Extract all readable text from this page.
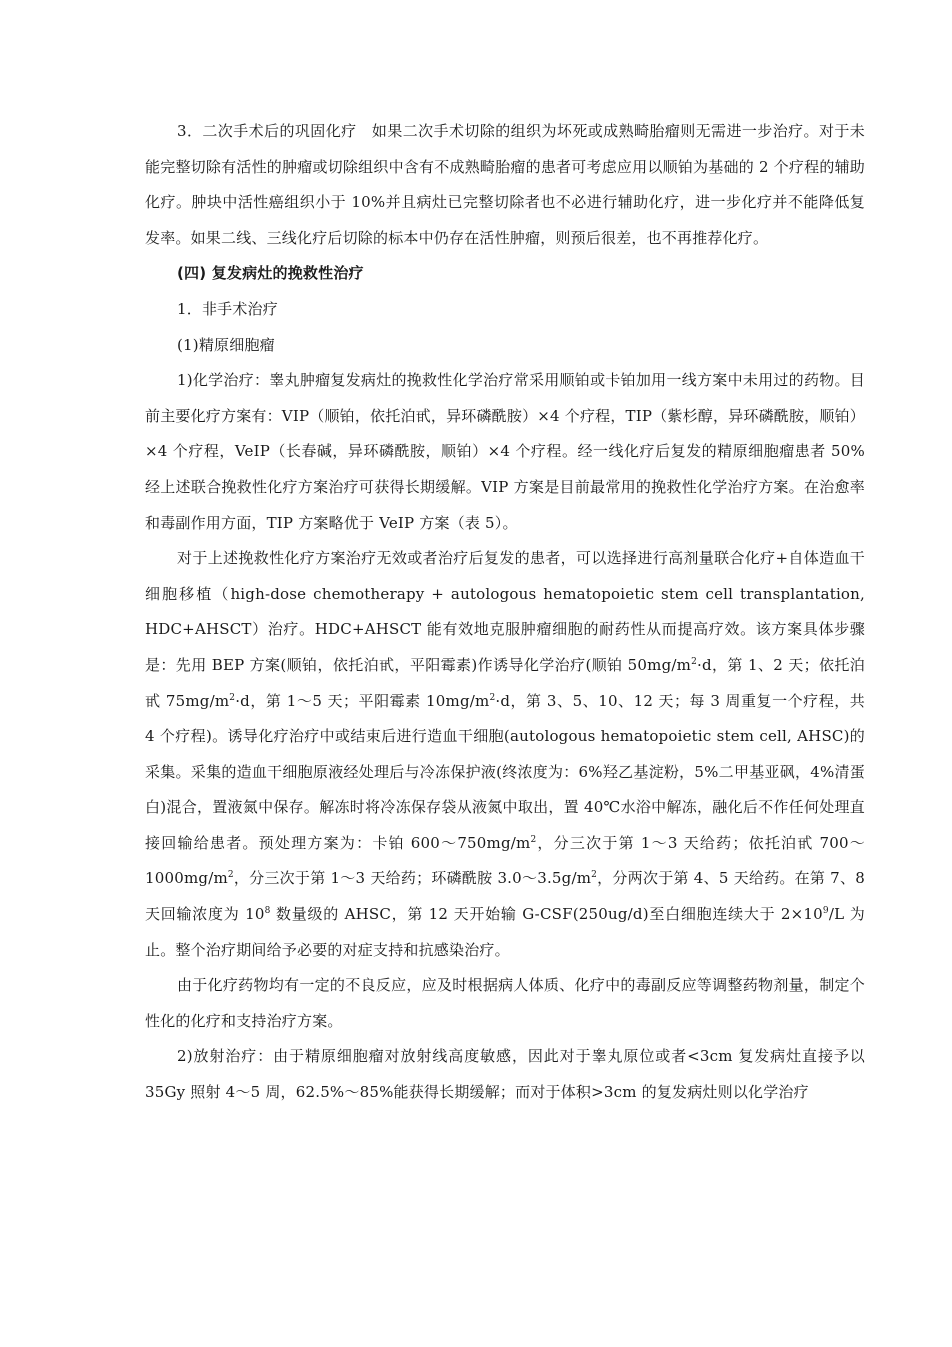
3．二次手术后的巩固化疗　如果二次手术切除的组织为坏死或成熟畸胎瘤则无需进一步治疗。对于未能完整切除有活性的肿瘤或切除组织中含有不成熟畸胎瘤的患者可考虑应用以顺铂为基础的 2 个疗程的辅助化疗。肿块中活性癌组织小于 10%并且病灶已完整切除者也不必进行辅助化疗，进一步化疗并不能降低复发率。如果二线、三线化疗后切除的标本中仍存在活性肿瘤，则预后很差，也不再推荐化疗。

(四) 复发病灶的挽救性治疗

1．非手术治疗

(1)精原细胞瘤

1)化学治疗：睾丸肿瘤复发病灶的挽救性化学治疗常采用顺铂或卡铂加用一线方案中未用过的药物。目前主要化疗方案有：VIP（顺铂，依托泊甙，异环磷酰胺）×4 个疗程，TIP（紫杉醇，异环磷酰胺，顺铂）×4 个疗程，VeIP（长春碱，异环磷酰胺，顺铂）×4 个疗程。经一线化疗后复发的精原细胞瘤患者 50%经上述联合挽救性化疗方案治疗可获得长期缓解。VIP 方案是目前最常用的挽救性化学治疗方案。在治愈率和毒副作用方面，TIP 方案略优于 VeIP 方案（表 5）。

对于上述挽救性化疗方案治疗无效或者治疗后复发的患者，可以选择进行高剂量联合化疗+自体造血干细胞移植（high-dose chemotherapy + autologous hematopoietic stem cell transplantation, HDC+AHSCT）治疗。HDC+AHSCT 能有效地克服肿瘤细胞的耐药性从而提高疗效。该方案具体步骤是：先用 BEP 方案(顺铂，依托泊甙，平阳霉素)作诱导化学治疗(顺铂 $50mg/m^2\cdot d$，第 1、2 天；依托泊甙 $75mg/m^2\cdot d$，第 1～5 天；平阳霉素 $10mg/m^2\cdot d$，第 3、5、10、12 天；每 3 周重复一个疗程，共 4 个疗程)。诱导化疗治疗中或结束后进行造血干细胞(autologous hematopoietic stem cell, AHSC)的采集。采集的造血干细胞原液经处理后与冷冻保护液(终浓度为：6%羟乙基淀粉，5%二甲基亚砜，4%清蛋白)混合，置液氮中保存。解冻时将冷冻保存袋从液氮中取出，置 40℃水浴中解冻，融化后不作任何处理直接回输给患者。预处理方案为：卡铂 $600\sim 750mg/m^2$，分三次于第 1～3 天给药；依托泊甙 $700\sim 1000mg/m^2$，分三次于第 1～3 天给药；环磷酰胺 $3.0\sim 3.5g/m^2$，分两次于第 4、5 天给药。在第 7、8 天回输浓度为 $10^8$ 数量级的 AHSC，第 12 天开始输 G-CSF(250ug/d)至白细胞连续大于 $2\times 10^9/L$ 为止。整个治疗期间给予必要的对症支持和抗感染治疗。

由于化疗药物均有一定的不良反应，应及时根据病人体质、化疗中的毒副反应等调整药物剂量，制定个性化的化疗和支持治疗方案。

2)放射治疗：由于精原细胞瘤对放射线高度敏感，因此对于睾丸原位或者<3cm 复发病灶直接予以 35Gy 照射 4～5 周，62.5%～85%能获得长期缓解；而对于体积>3cm 的复发病灶则以化学治疗
